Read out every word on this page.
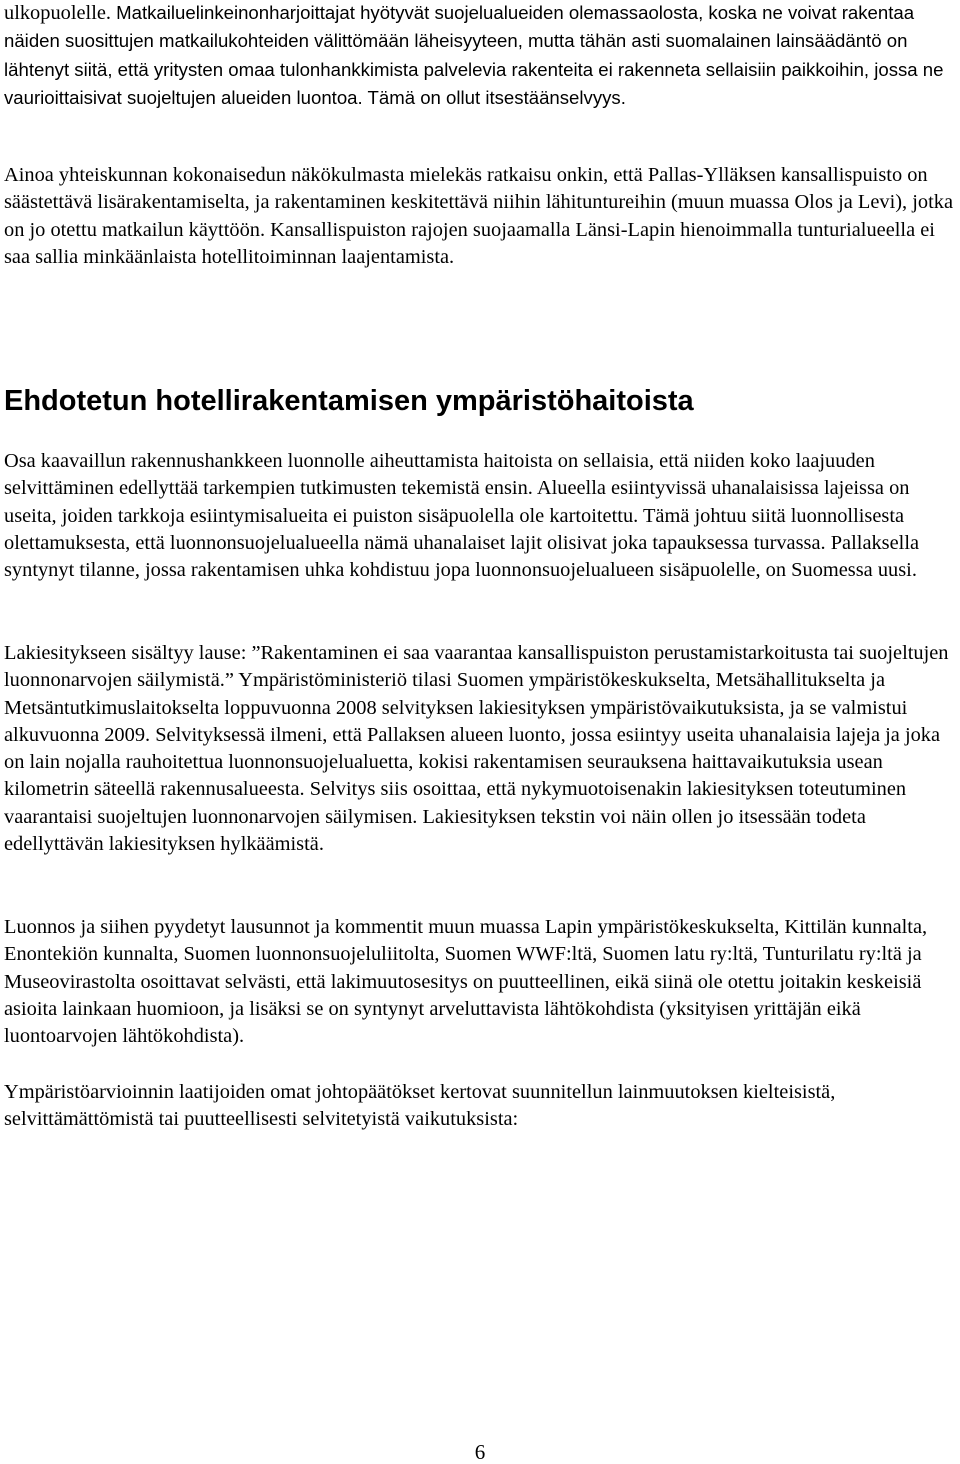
ulkopuolelle. Matkailuelinkeinonharjoittajat hyötyvät suojelualueiden olemassaolosta, koska ne voivat rakentaa näiden suosittujen matkailukohteiden välittömään läheisyyteen, mutta tähän asti suomalainen lainsäädäntö on lähtenyt siitä, että yritysten omaa tulonhankkimista palvelevia rakenteita ei rakenneta sellaisiin paikkoihin, jossa ne vaurioittaisivat suojeltujen alueiden luontoa. Tämä on ollut itsestäänselvyys.

Ainoa yhteiskunnan kokonaisedun näkökulmasta mielekäs ratkaisu onkin, että Pallas-Ylläksen kansallispuisto on säästettävä lisärakentamiselta, ja rakentaminen keskitettävä niihin lähituntureihin (muun muassa Olos ja Levi), jotka on jo otettu matkailun käyttöön. Kansallispuiston rajojen suojaamalla Länsi-Lapin hienoimmalla tunturialueella ei saa sallia minkäänlaista hotellitoiminnan laajentamista.

Ehdotetun hotellirakentamisen ympäristöhaitoista

Osa kaavaillun rakennushankkeen luonnolle aiheuttamista haitoista on sellaisia, että niiden koko laajuuden selvittäminen edellyttää tarkempien tutkimusten tekemistä ensin. Alueella esiintyvissä uhanalaisissa lajeissa on useita, joiden tarkkoja esiintymisalueita ei puiston sisäpuolella ole kartoitettu. Tämä johtuu siitä luonnollisesta olettamuksesta, että luonnonsuojelualueella nämä uhanalaiset lajit olisivat joka tapauksessa turvassa. Pallaksella syntynyt tilanne, jossa rakentamisen uhka kohdistuu jopa luonnonsuojelualueen sisäpuolelle, on Suomessa uusi.

Lakiesitykseen sisältyy lause: ”Rakentaminen ei saa vaarantaa kansallispuiston perustamistarkoitusta tai suojeltujen luonnonarvojen säilymistä.” Ympäristöministeriö tilasi Suomen ympäristökeskukselta, Metsähallitukselta ja Metsäntutkimuslaitokselta loppuvuonna 2008 selvityksen lakiesityksen ympäristövaikutuksista, ja se valmistui alkuvuonna 2009. Selvityksessä ilmeni, että Pallaksen alueen luonto, jossa esiintyy useita uhanalaisia lajeja ja joka on lain nojalla rauhoitettua luonnonsuojelualuetta, kokisi rakentamisen seurauksena haittavaikutuksia usean kilometrin säteellä rakennusalueesta. Selvitys siis osoittaa, että nykymuotoisenakin lakiesityksen toteutuminen vaarantaisi suojeltujen luonnonarvojen säilymisen. Lakiesityksen tekstin voi näin ollen jo itsessään todeta edellyttävän lakiesityksen hylkäämistä.

Luonnos ja siihen pyydetyt lausunnot ja kommentit muun muassa Lapin ympäristökeskukselta, Kittilän kunnalta, Enontekiön kunnalta, Suomen luonnonsuojeluliitolta, Suomen WWF:ltä, Suomen latu ry:ltä, Tunturilatu ry:ltä ja Museovirastolta osoittavat selvästi, että lakimuutosesitys on puutteellinen, eikä siinä ole otettu joitakin keskeisiä asioita lainkaan huomioon, ja lisäksi se on syntynyt arveluttavista lähtökohdista (yksityisen yrittäjän eikä luontoarvojen lähtökohdista).

Ympäristöarvioinnin laatijoiden omat johtopäätökset kertovat suunnitellun lainmuutoksen kielteisistä, selvittämättömistä tai puutteellisesti selvitetyistä vaikutuksista:

6
